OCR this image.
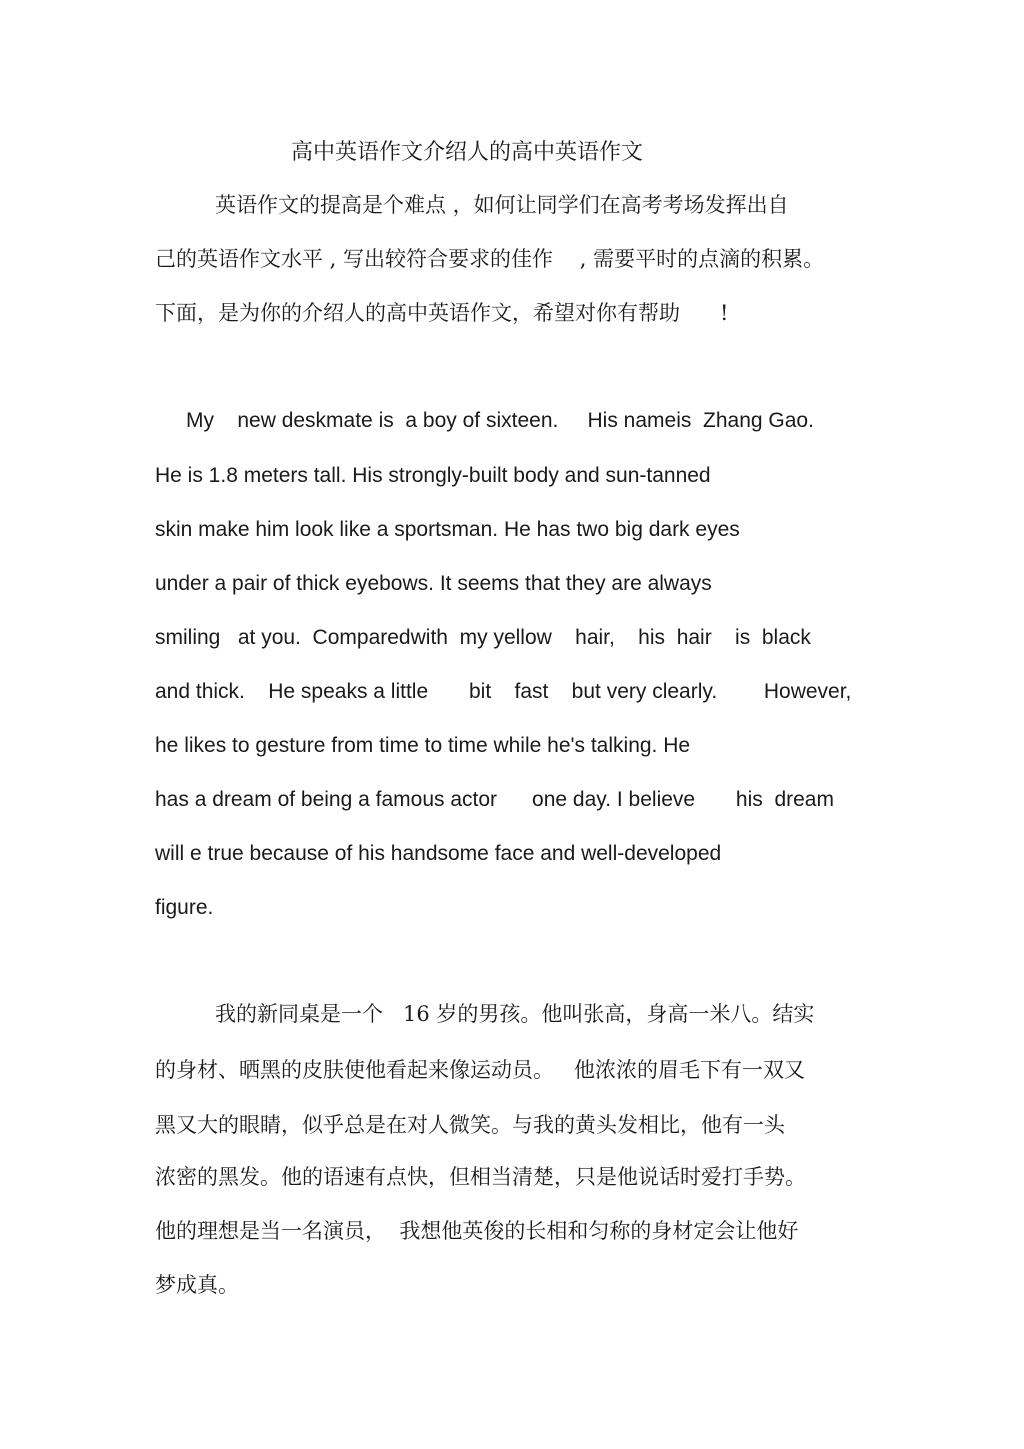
高中英语作文介绍人的高中英语作文
英语作文的提高是个难点 ，如何让同学们在高考考场发挥出自
己的英语作文水平 , 写出较符合要求的佳作    , 需要平时的点滴的积累。
下面，是为你的介绍人的高中英语作文，希望对你有帮助      !
My    new deskmate is  a boy of sixteen.     His nameis  Zhang Gao.
He is 1.8 meters tall. His strongly-built body and sun-tanned
skin make him look like a sportsman. He has two big dark eyes
under a pair of thick eyebows. It seems that they are always
smiling   at you.  Comparedwith  my yellow    hair,    his  hair    is  black
and thick.    He speaks a little       bit    fast    but very clearly.        However,
he likes to gesture from time to time while he's talking. He
has a dream of being a famous actor      one day. I believe       his  dream
will e true because of his handsome face and well-developed
figure.
我的新同桌是一个   16 岁的男孩。他叫张高，身高一米八。结实
的身材、晒黑的皮肤使他看起来像运动员。   他浓浓的眉毛下有一双又
黑又大的眼睛，似乎总是在对人微笑。与我的黄头发相比，他有一头
浓密的黑发。他的语速有点快，但相当清楚，只是他说话时爱打手势。
他的理想是当一名演员，  我想他英俊的长相和匀称的身材定会让他好
梦成真。
